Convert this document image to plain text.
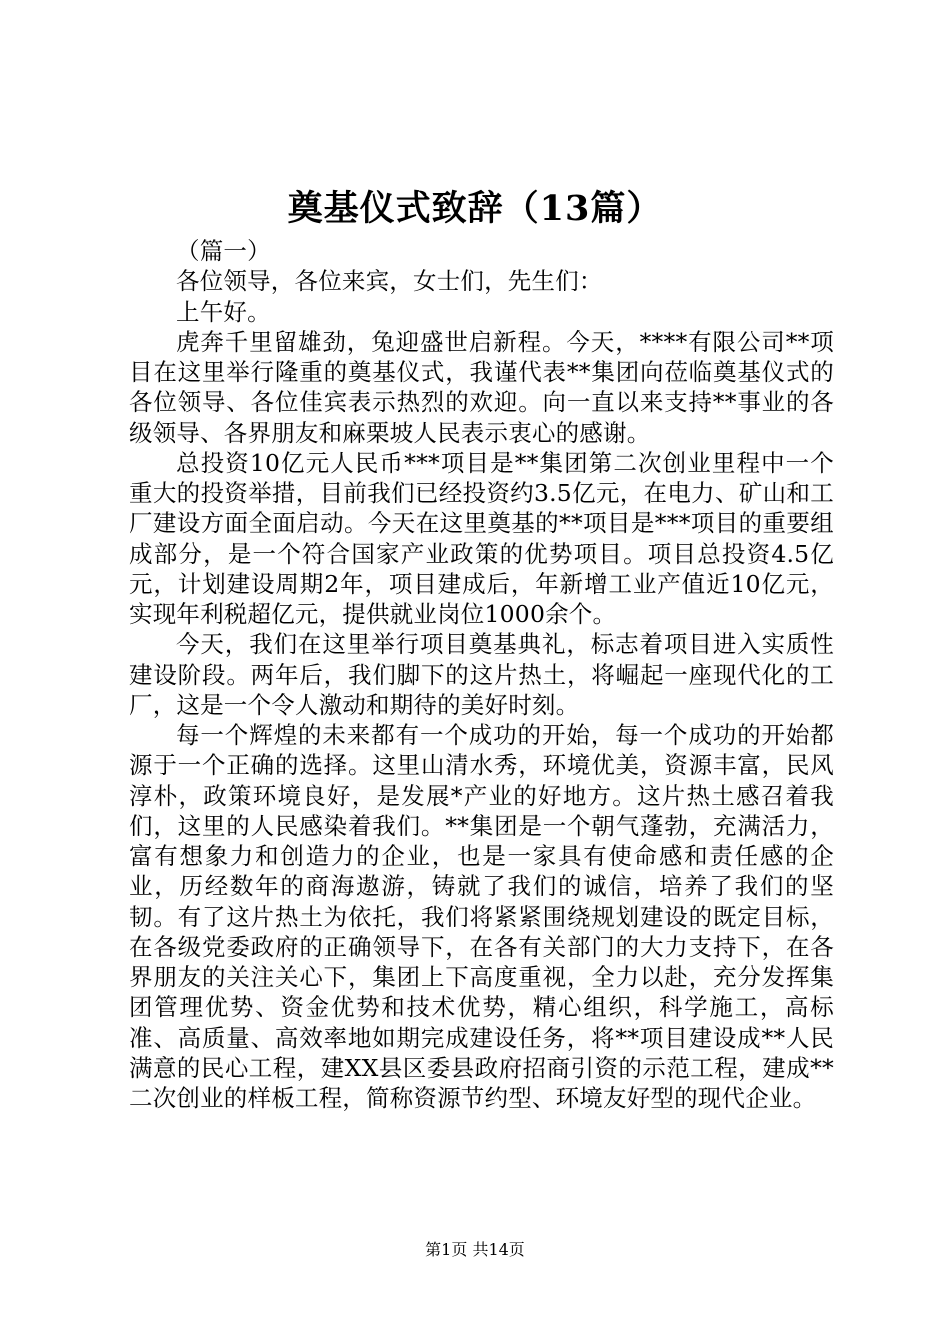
奠基仪式致辞（13篇）

（篇一）

各位领导，各位来宾，女士们，先生们：

上午好。

虎奔千里留雄劲，兔迎盛世启新程。今天，****有限公司**项目在这里举行隆重的奠基仪式，我谨代表**集团向莅临奠基仪式的各位领导、各位佳宾表示热烈的欢迎。向一直以来支持**事业的各级领导、各界朋友和麻栗坡人民表示衷心的感谢。

总投资10亿元人民币***项目是**集团第二次创业里程中一个重大的投资举措，目前我们已经投资约3.5亿元，在电力、矿山和工厂建设方面全面启动。今天在这里奠基的**项目是***项目的重要组成部分，是一个符合国家产业政策的优势项目。项目总投资4.5亿元，计划建设周期2年，项目建成后，年新增工业产值近10亿元，实现年利税超亿元，提供就业岗位1000余个。

今天，我们在这里举行项目奠基典礼，标志着项目进入实质性建设阶段。两年后，我们脚下的这片热土，将崛起一座现代化的工厂，这是一个令人激动和期待的美好时刻。

每一个辉煌的未来都有一个成功的开始，每一个成功的开始都源于一个正确的选择。这里山清水秀，环境优美，资源丰富，民风淳朴，政策环境良好，是发展*产业的好地方。这片热土感召着我们，这里的人民感染着我们。**集团是一个朝气蓬勃，充满活力，富有想象力和创造力的企业，也是一家具有使命感和责任感的企业，历经数年的商海遨游，铸就了我们的诚信，培养了我们的坚韧。有了这片热土为依托，我们将紧紧围绕规划建设的既定目标，在各级党委政府的正确领导下，在各有关部门的大力支持下，在各界朋友的关注关心下，集团上下高度重视，全力以赴，充分发挥集团管理优势、资金优势和技术优势，精心组织，科学施工，高标准、高质量、高效率地如期完成建设任务，将**项目建设成**人民满意的民心工程，建XX县区委县政府招商引资的示范工程，建成**二次创业的样板工程，简称资源节约型、环境友好型的现代企业。

第1页 共14页
